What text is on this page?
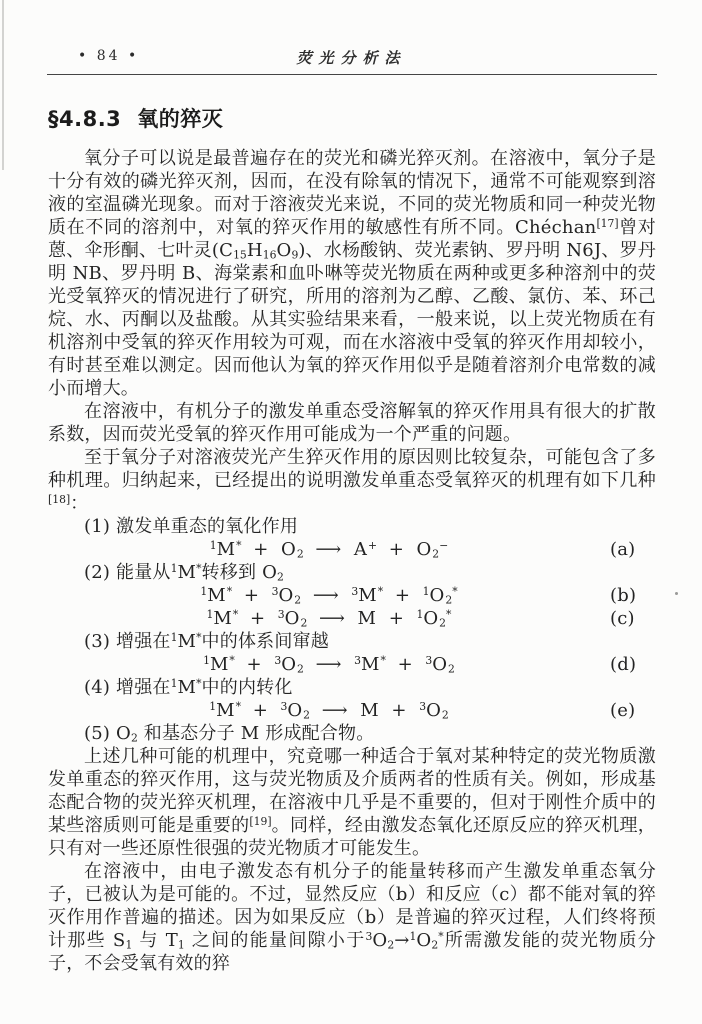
• 84 •	荧光分析法
§4.8.3 氧的猝灭

氧分子可以说是最普遍存在的荧光和磷光猝灭剂。在溶液中，氧分子是十分有效的磷光猝灭剂，因而，在没有除氧的情况下，通常不可能观察到溶液的室温磷光现象。而对于溶液荧光来说，不同的荧光物质和同一种荧光物质在不同的溶剂中，对氧的猝灭作用的敏感性有所不同。Chéchan[17]曾对蒽、伞形酮、七叶灵$(C_{15}H_{16}O_9)$、水杨酸钠、荧光素钠、罗丹明 N6J、罗丹明 NB、罗丹明 B、海棠素和血卟啉等荧光物质在两种或更多种溶剂中的荧光受氧猝灭的情况进行了研究，所用的溶剂为乙醇、乙酸、氯仿、苯、环己烷、水、丙酮以及盐酸。从其实验结果来看，一般来说，以上荧光物质在有机溶剂中受氧的猝灭作用较为可观，而在水溶液中受氧的猝灭作用却较小，有时甚至难以测定。因而他认为氧的猝灭作用似乎是随着溶剂介电常数的减小而增大。

在溶液中，有机分子的激发单重态受溶解氧的猝灭作用具有很大的扩散系数，因而荧光受氧的猝灭作用可能成为一个严重的问题。

至于氧分子对溶液荧光产生猝灭作用的原因则比较复杂，可能包含了多种机理。归纳起来，已经提出的说明激发单重态受氧猝灭的机理有如下几种[18]：

(1) 激发单重态的氧化作用

$^1M^* + O_2$ ⟶ $A^+ + O_2^-$	(a)

(2) 能量从$^1$M*转移到 $O_2$

$^1M^* + ^3O_2$ ⟶ $^3M^* + ^1O_2^*$	(b)
$^1M^* + ^3O_2$ ⟶ $M + ^1O_2^*$	(c)

(3) 增强在$^1$M*中的体系间窜越

$^1M^* + ^3O_2$ ⟶ $^3M^* + ^3O_2$	(d)

(4) 增强在$^1$M*中的内转化

$^1M^* + ^3O_2$ ⟶ $M + ^3O_2$	(e)

(5) $O_2$ 和基态分子 M 形成配合物。

上述几种可能的机理中，究竟哪一种适合于氧对某种特定的荧光物质激发单重态的猝灭作用，这与荧光物质及介质两者的性质有关。例如，形成基态配合物的荧光猝灭机理，在溶液中几乎是不重要的，但对于刚性介质中的某些溶质则可能是重要的[19]。同样，经由激发态氧化还原反应的猝灭机理，只有对一些还原性很强的荧光物质才可能发生。

在溶液中，由电子激发态有机分子的能量转移而产生激发单重态氧分子，已被认为是可能的。不过，显然反应（b）和反应（c）都不能对氧的猝灭作用作普遍的描述。因为如果反应（b）是普遍的猝灭过程，人们终将预计那些 $S_1$ 与 $T_1$ 之间的能量间隙小于$^3O_2\to^1O_2^*$所需激发能的荧光物质分子，不会受氧有效的猝
